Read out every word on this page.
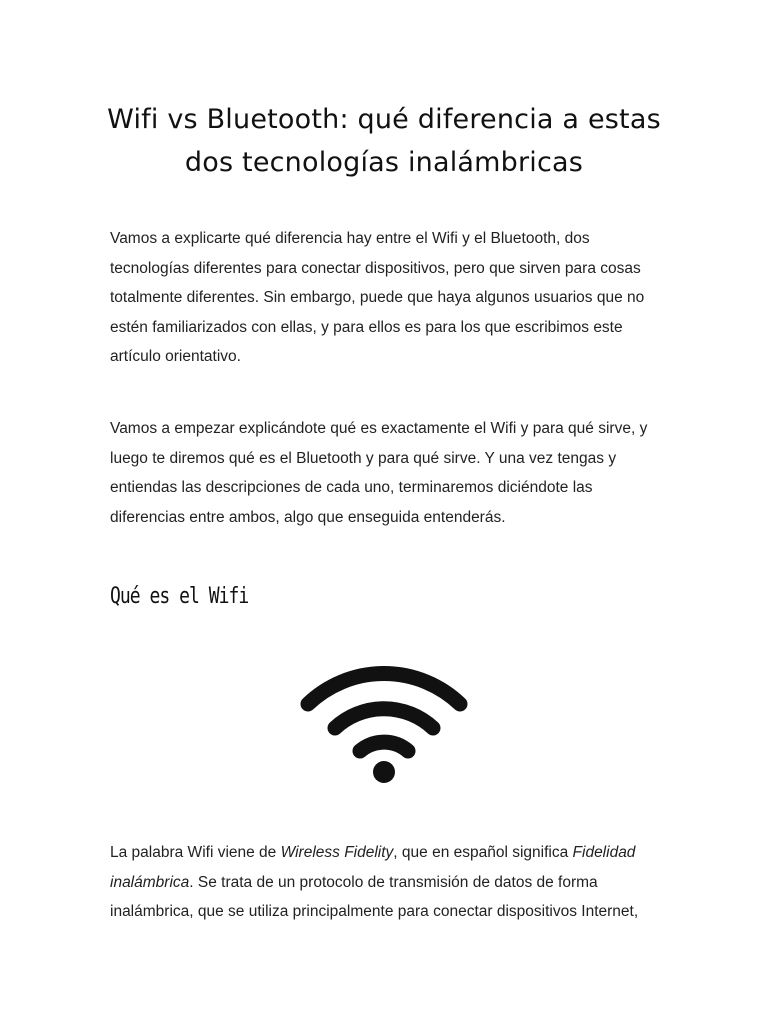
Wifi vs Bluetooth: qué diferencia a estas
dos tecnologías inalámbricas

Vamos a explicarte qué diferencia hay entre el Wifi y el Bluetooth, dos
tecnologías diferentes para conectar dispositivos, pero que sirven para cosas
totalmente diferentes. Sin embargo, puede que haya algunos usuarios que no
estén familiarizados con ellas, y para ellos es para los que escribimos este
artículo orientativo.

Vamos a empezar explicándote qué es exactamente el Wifi y para qué sirve, y
luego te diremos qué es el Bluetooth y para qué sirve. Y una vez tengas y
entiendas las descripciones de cada uno, terminaremos diciéndote las
diferencias entre ambos, algo que enseguida entenderás.

Qué es el Wifi

La palabra Wifi viene de Wireless Fidelity, que en español significa Fidelidad
inalámbrica. Se trata de un protocolo de transmisión de datos de forma
inalámbrica, que se utiliza principalmente para conectar dispositivos Internet,
